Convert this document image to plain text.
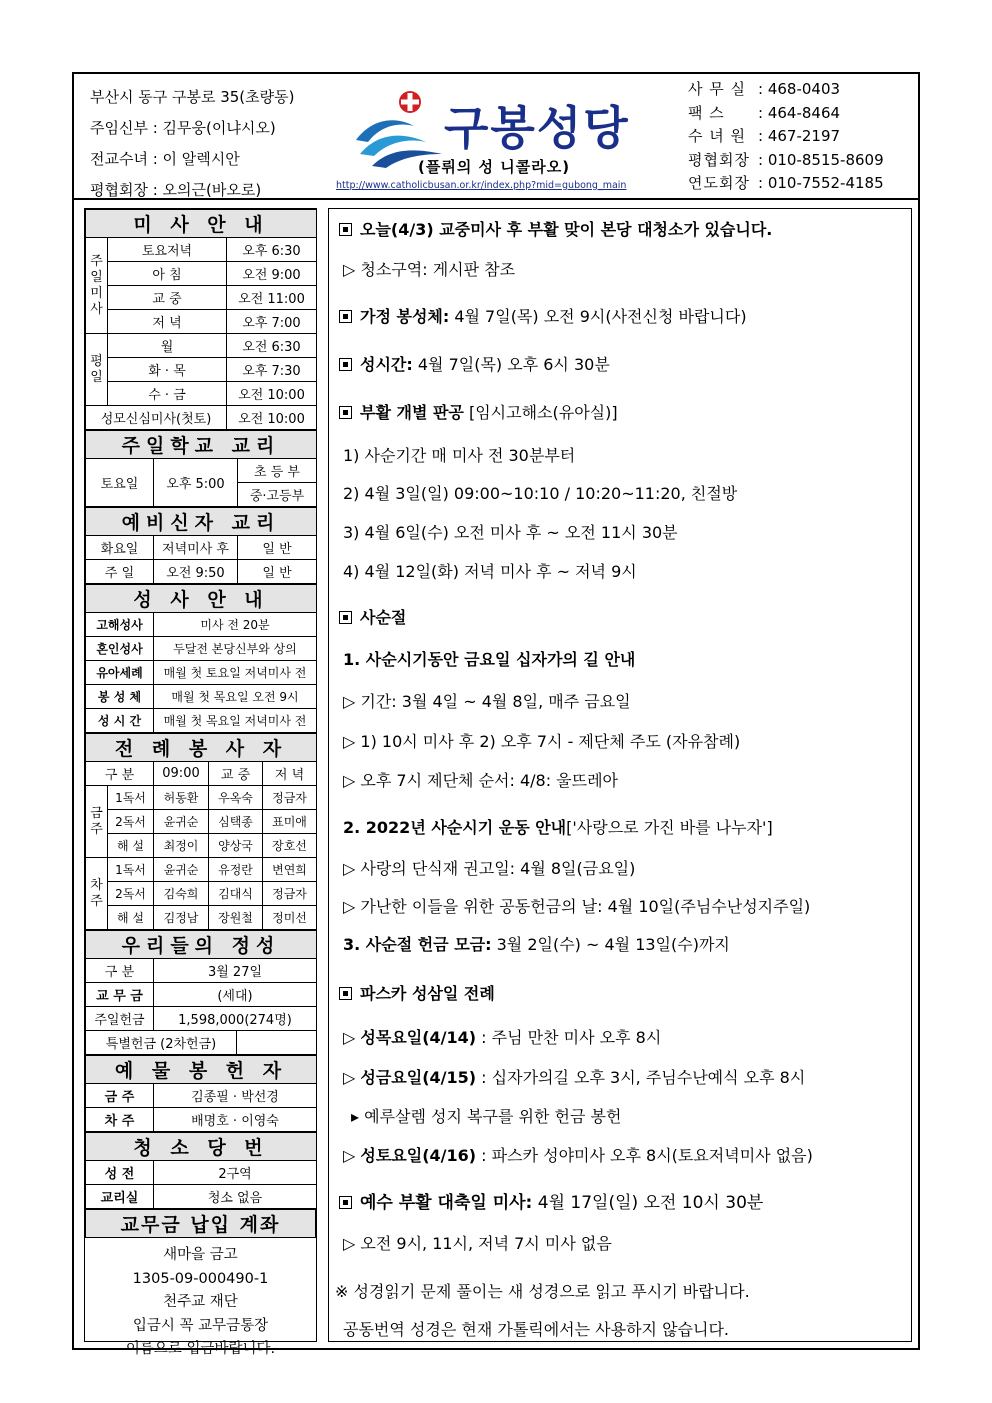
부산시 동구 구봉로 35(초량동)
주임신부 : 김무웅(이냐시오)
전교수녀 : 이 알렉시안
평협회장 : 오의근(바오로)
구봉성당
(플뤼의 성 니콜라오)
http://www.catholicbusan.or.kr/index.php?mid=gubong_main
사 무 실 : 468-0403
팩 스 : 464-8464
수 녀 원 : 467-2197
평협회장 : 010-8515-8609
연도회장 : 010-7552-4185
미 사 안 내		
주일미사	토요저녁	오후 6:30
	아 침	오전 9:00
	교 중	오전 11:00
	저 녁	오후 7:00
평일	월	오전 6:30
	화 · 목	오후 7:30
	수 · 금	오전 10:00
성모신심미사(첫토)		오전 10:00
주일학교 교리
토요일	오후 5:00	초 등 부
중·고등부
예비신자 교리		
화요일	저녁미사 후	일 반
주 일	오전 9:50	일 반
성 사 안 내	
고해성사	미사 전 20분
혼인성사	두달전 본당신부와 상의
유아세례	매월 첫 토요일 저녁미사 전
봉 성 체	매월 첫 목요일 오전 9시
성 시 간	매월 첫 목요일 저녁미사 전
전 례 봉 사 자				
구 분		09:00	교 중	저 녁
금주	1독서	허동환	우옥숙	정금자
	2독서	윤귀순	심택종	표미애
	해 설	최정이	양상국	장호선
차주	1독서	윤귀순	유정란	변연희
	2독서	김숙희	김대식	정금자
	해 설	김정남	장원철	정미선
우리들의 정성		
구 분	3월 27일	
교 무 금	(세대)	
주일헌금	1,598,000(274명)	
특별헌금 (2차헌금)		
예 물 봉 헌 자	
금 주	김종필 · 박선경
차 주	배명호 · 이영숙
청 소 당 번	
성 전	2구역
교리실	청소 없음
교무금 납입 계좌
새마을 금고
1305-09-000490-1
천주교 재단
입금시 꼭 교무금통장
이름으로 입금바랍니다.
오늘(4/3) 교중미사 후 부활 맞이 본당 대청소가 있습니다.
▷ 청소구역: 게시판 참조
가정 봉성체: 4월 7일(목) 오전 9시(사전신청 바랍니다)
성시간: 4월 7일(목) 오후 6시 30분
부활 개별 판공 [임시고해소(유아실)]
1) 사순기간 매 미사 전 30분부터
2) 4월 3일(일) 09:00~10:10 / 10:20~11:20, 친절방
3) 4월 6일(수) 오전 미사 후 ~ 오전 11시 30분
4) 4월 12일(화) 저녁 미사 후 ~ 저녁 9시
사순절
1. 사순시기동안 금요일 십자가의 길 안내
▷ 기간: 3월 4일 ~ 4월 8일, 매주 금요일
▷ 1) 10시 미사 후 2) 오후 7시 - 제단체 주도 (자유참례)
▷ 오후 7시 제단체 순서: 4/8: 울뜨레아
2. 2022년 사순시기 운동 안내['사랑으로 가진 바를 나누자']
▷ 사랑의 단식재 권고일: 4월 8일(금요일)
▷ 가난한 이들을 위한 공동헌금의 날: 4월 10일(주님수난성지주일)
3. 사순절 헌금 모금: 3월 2일(수) ~ 4월 13일(수)까지
파스카 성삼일 전례
▷ 성목요일(4/14) : 주님 만찬 미사 오후 8시
▷ 성금요일(4/15) : 십자가의길 오후 3시, 주님수난예식 오후 8시
▸ 예루살렘 성지 복구를 위한 헌금 봉헌
▷ 성토요일(4/16) : 파스카 성야미사 오후 8시(토요저녁미사 없음)
예수 부활 대축일 미사: 4월 17일(일) 오전 10시 30분
▷ 오전 9시, 11시, 저녁 7시 미사 없음
※ 성경읽기 문제 풀이는 새 성경으로 읽고 푸시기 바랍니다.
공동번역 성경은 현재 가톨릭에서는 사용하지 않습니다.
